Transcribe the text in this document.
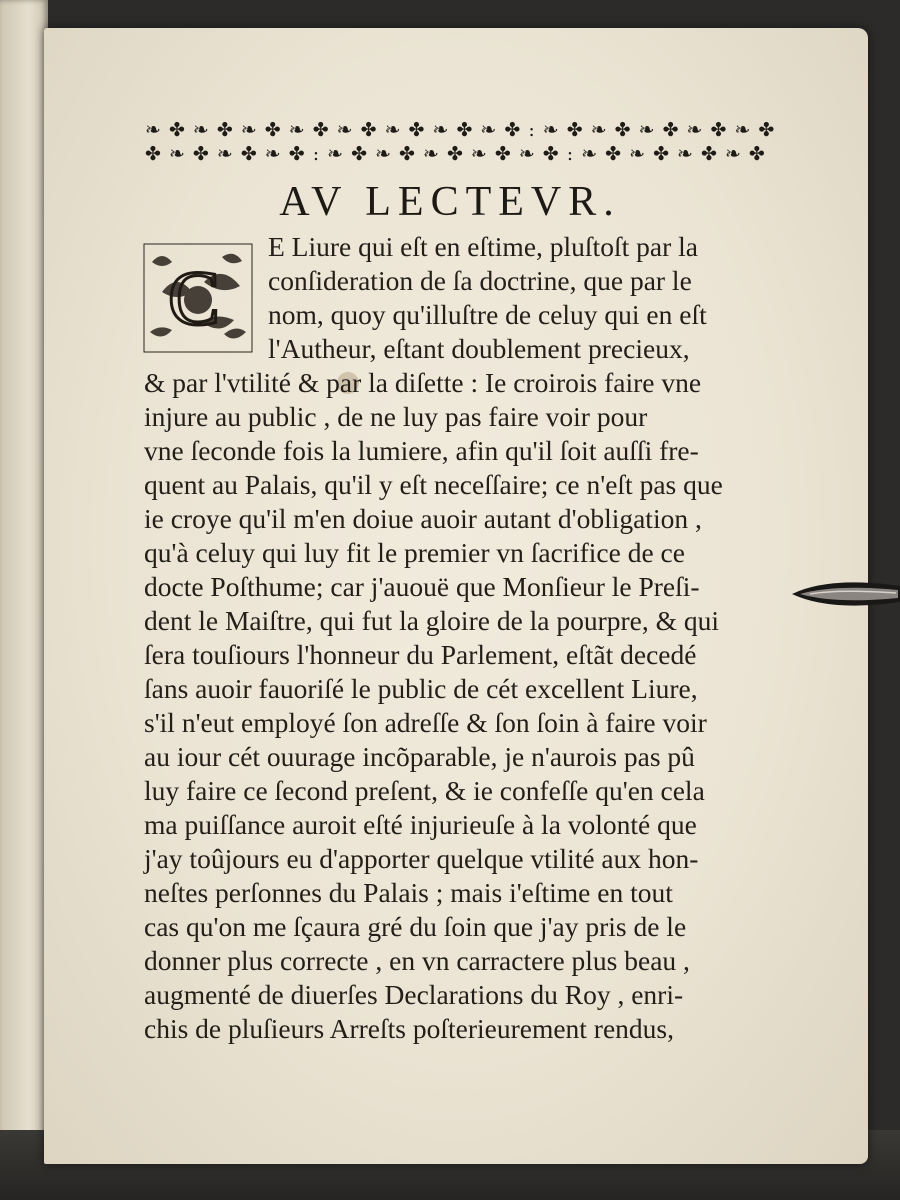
❧ ✤ ❧ ✤ ❧ ✤ ❧ ✤ ❧ ✤ ❧ ✤ ❧ ✤ ❧ ✤ : ❧ ✤ ❧ ✤ ❧ ✤ ❧ ✤ ❧ ✤
✤ ❧ ✤ ❧ ✤ ❧ ✤ : ❧ ✤ ❧ ✤ ❧ ✤ ❧ ✤ ❧ ✤ : ❧ ✤ ❧ ✤ ❧ ✤ ❧ ✤
AV LECTEVR.
C
E Liure qui eſt en eſtime, pluſtoſt par la
conſideration de ſa doctrine, que par le
nom, quoy qu'illuſtre de celuy qui en eſt
l'Autheur, eſtant doublement precieux,
& par l'vtilité & par la diſette : Ie croirois faire vne
injure au public , de ne luy pas faire voir pour
vne ſeconde fois la lumiere, afin qu'il ſoit auſſi fre-
quent au Palais, qu'il y eſt neceſſaire; ce n'eſt pas que
ie croye qu'il m'en doiue auoir autant d'obligation ,
qu'à celuy qui luy fit le premier vn ſacrifice de ce
docte Poſthume; car j'auouë que Monſieur le Preſi-
dent le Maiſtre, qui fut la gloire de la pourpre, & qui
ſera touſiours l'honneur du Parlement, eſtãt decedé
ſans auoir fauoriſé le public de cét excellent Liure,
s'il n'eut employé ſon adreſſe & ſon ſoin à faire voir
au iour cét ouurage incõparable, je n'aurois pas pû
luy faire ce ſecond preſent, & ie confeſſe qu'en cela
ma puiſſance auroit eſté injurieuſe à la volonté que
j'ay toûjours eu d'apporter quelque vtilité aux hon-
neſtes perſonnes du Palais ; mais i'eſtime en tout
cas qu'on me ſçaura gré du ſoin que j'ay pris de le
donner plus correcte , en vn carractere plus beau ,
augmenté de diuerſes Declarations du Roy , enri-
chis de pluſieurs Arreſts poſterieurement rendus,
